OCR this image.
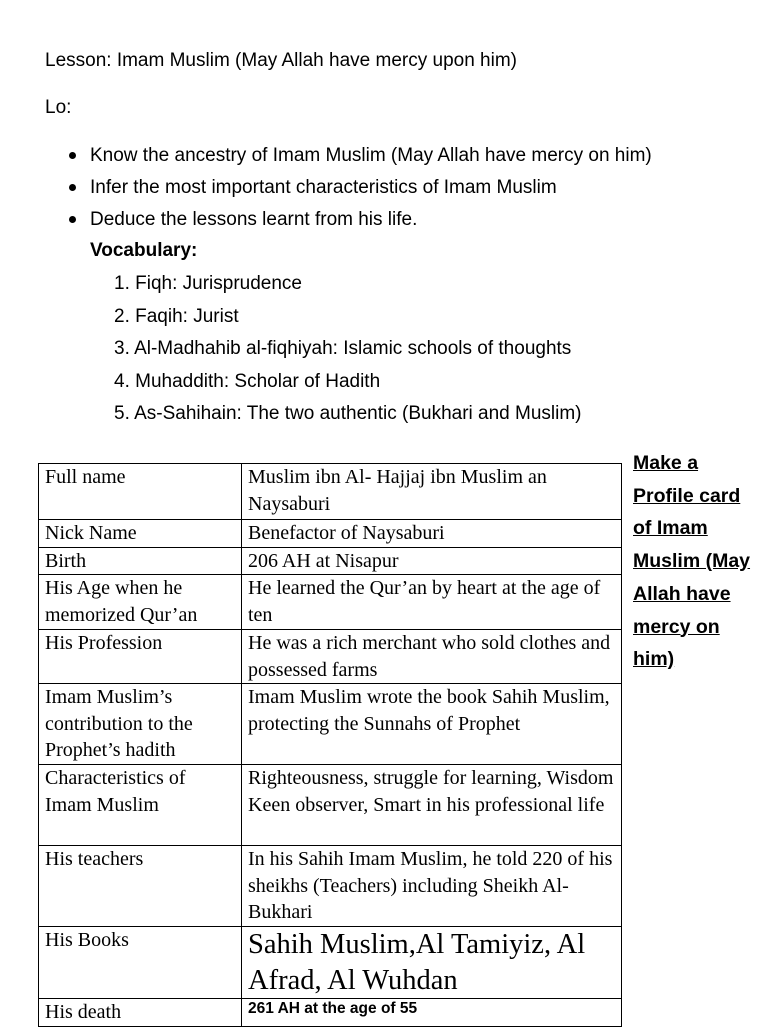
Lesson: Imam Muslim (May Allah have mercy upon him)
Lo:
Know the ancestry of Imam Muslim (May Allah have mercy on him)
Infer the most important characteristics of Imam Muslim
Deduce the lessons learnt from his life.
Vocabulary:
1. Fiqh: Jurisprudence
2. Faqih: Jurist
3. Al-Madhahib al-fiqhiyah: Islamic schools of thoughts
4. Muhaddith: Scholar of Hadith
5. As-Sahihain: The two authentic (Bukhari and Muslim)
Full name	Muslim ibn Al- Hajjaj ibn Muslim an Naysaburi
Nick Name	Benefactor of Naysaburi
Birth	206 AH at Nisapur
His Age when he memorized Qur’an	He learned the Qur’an by heart at the age of ten
His Profession	He was a rich merchant who sold clothes and possessed farms
Imam Muslim’s contribution to the Prophet’s hadith	Imam Muslim wrote the book Sahih Muslim, protecting the Sunnahs of Prophet
Characteristics of Imam Muslim	Righteousness, struggle for learning, Wisdom Keen observer, Smart in his professional life
His teachers	In his Sahih Imam Muslim, he told 220 of his sheikhs (Teachers) including Sheikh Al- Bukhari
His Books	Sahih Muslim,Al Tamiyiz, Al Afrad, Al Wuhdan
His death	261 AH at the age of 55
Make a Profile card of Imam Muslim (May Allah have mercy on him)
